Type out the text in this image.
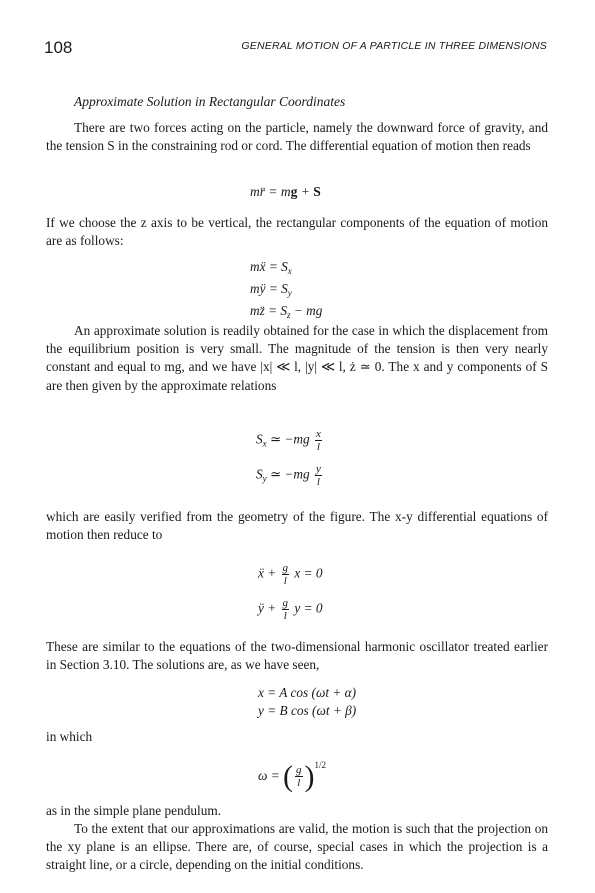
108	GENERAL MOTION OF A PARTICLE IN THREE DIMENSIONS
Approximate Solution in Rectangular Coordinates
There are two forces acting on the particle, namely the downward force of gravity, and the tension S in the constraining rod or cord. The differential equation of motion then reads
mr̈ = mg + S
If we choose the z axis to be vertical, the rectangular components of the equation of motion are as follows:
mẍ = $S_x$
mÿ = $S_y$
mz̈ = $S_z$ − mg
An approximate solution is readily obtained for the case in which the displacement from the equilibrium position is very small. The magnitude of the tension is then very nearly constant and equal to mg, and we have |x| ≪ l, |y| ≪ l, ż ≃ 0. The x and y components of S are then given by the approximate relations
$S_x$ ≃ $-mg \frac{x}{l}$
$S_y$ ≃ $-mg \frac{y}{l}$
which are easily verified from the geometry of the figure. The x-y differential equations of motion then reduce to
ẍ + $\frac{g}{l}$ x = 0
ÿ + $\frac{g}{l}$ y = 0
These are similar to the equations of the two-dimensional harmonic oscillator treated earlier in Section 3.10. The solutions are, as we have seen,
x = A cos (ωt + α)
y = B cos (ωt + β)
in which
ω = ( $\frac{g}{l} )^{1/2}$
as in the simple plane pendulum.
To the extent that our approximations are valid, the motion is such that the projection on the xy plane is an ellipse. There are, of course, special cases in which the projection is a straight line, or a circle, depending on the initial conditions.
